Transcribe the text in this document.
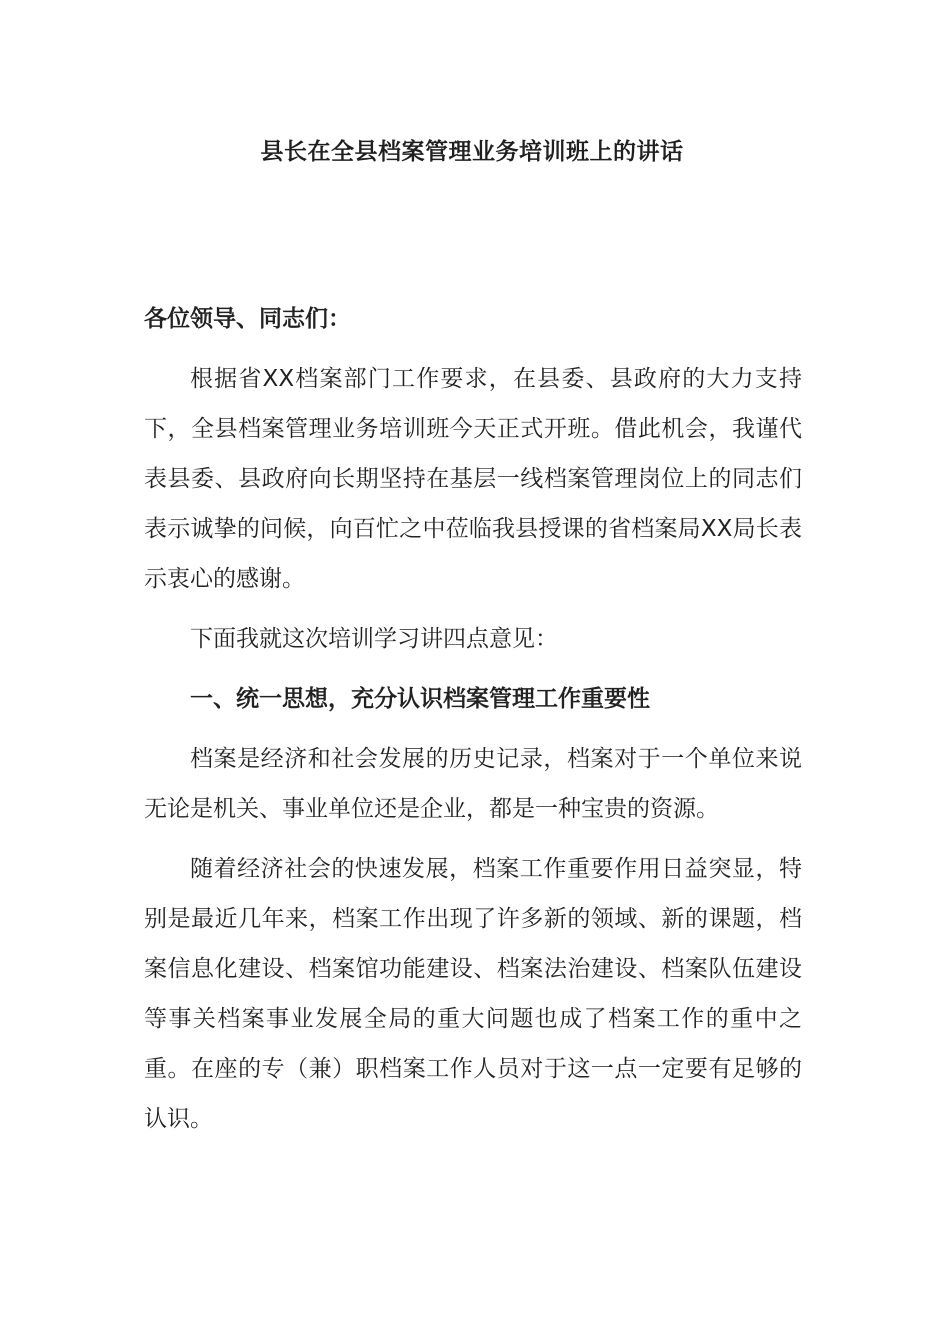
县长在全县档案管理业务培训班上的讲话

各位领导、同志们：

根据省XX档案部门工作要求，在县委、县政府的大力支持下，全县档案管理业务培训班今天正式开班。借此机会，我谨代表县委、县政府向长期坚持在基层一线档案管理岗位上的同志们表示诚挚的问候，向百忙之中莅临我县授课的省档案局XX局长表示衷心的感谢。

下面我就这次培训学习讲四点意见：

一、统一思想，充分认识档案管理工作重要性

档案是经济和社会发展的历史记录，档案对于一个单位来说无论是机关、事业单位还是企业，都是一种宝贵的资源。

随着经济社会的快速发展，档案工作重要作用日益突显，特别是最近几年来，档案工作出现了许多新的领域、新的课题，档案信息化建设、档案馆功能建设、档案法治建设、档案队伍建设等事关档案事业发展全局的重大问题也成了档案工作的重中之重。在座的专（兼）职档案工作人员对于这一点一定要有足够的认识。
